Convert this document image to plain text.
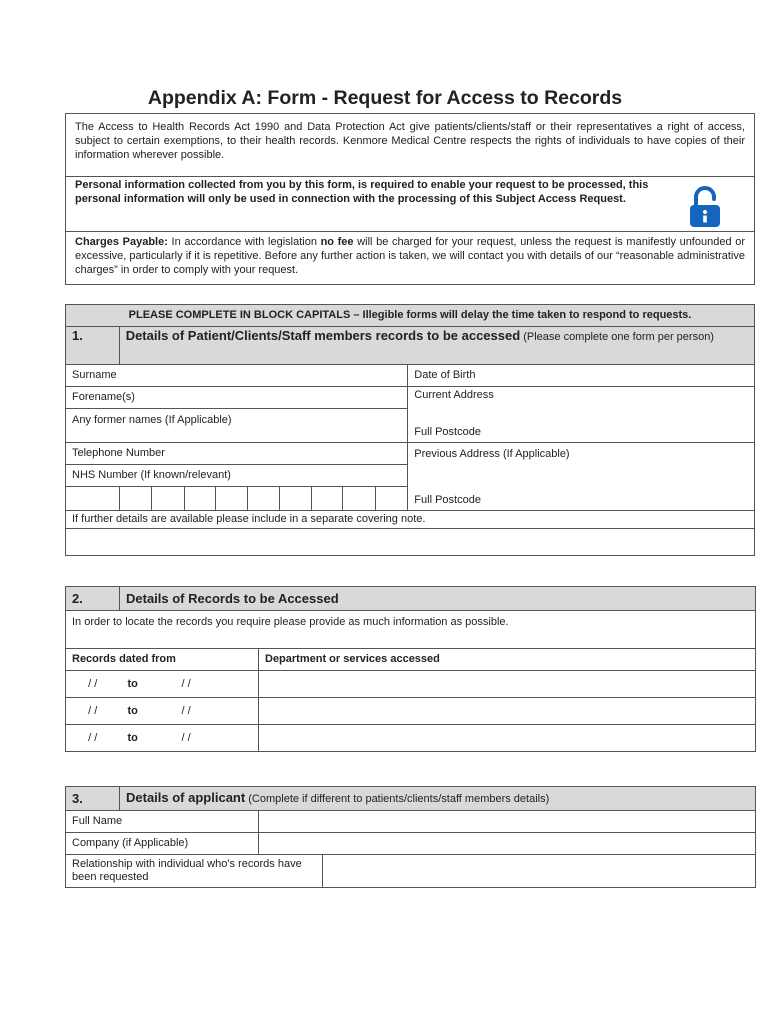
Appendix A: Form - Request for Access to Records
The Access to Health Records Act 1990 and Data Protection Act give patients/clients/staff or their representatives a right of access, subject to certain exemptions, to their health records. Kenmore Medical Centre respects the rights of individuals to have copies of their information wherever possible.
Personal information collected from you by this form, is required to enable your request to be processed, this personal information will only be used in connection with the processing of this Subject Access Request.
Charges Payable: In accordance with legislation no fee will be charged for your request, unless the request is manifestly unfounded or excessive, particularly if it is repetitive. Before any further action is taken, we will contact you with details of our “reasonable administrative charges” in order to comply with your request.
PLEASE COMPLETE IN BLOCK CAPITALS – Illegible forms will delay the time taken to respond to requests.										
1.	Details of Patient/Clients/Staff members records to be accessed (Please complete one form per person)									
Surname										Date of Birth
Forename(s)										Current Address
Full Postcode

Any former names (If Applicable)										
Telephone Number										Previous Address (If Applicable)
Full Postcode

NHS Number (If known/relevant)										

If further details are available please include in a separate covering note.										

2.	Details of Records to be Accessed		
In order to locate the records you require please provide as much information as possible.			
Records dated from			Department or services accessed
/ /	to	/ /	
/ /	to	/ /	
/ /	to	/ /	
3.	Details of applicant (Complete if different to patients/clients/staff members details)		
Full Name			
Company (if Applicable)			
Relationship with individual who’s records have been requested			
